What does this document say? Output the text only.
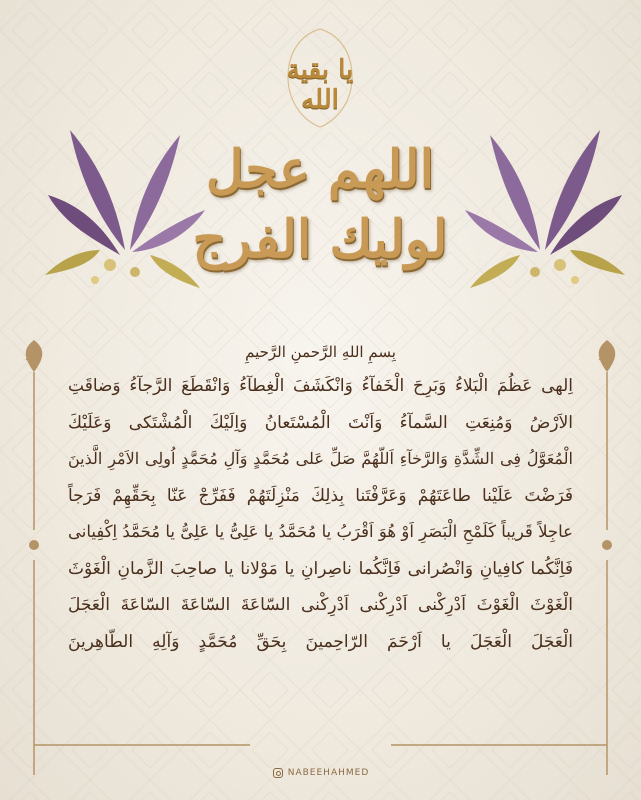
يا بقية الله
اللهم عجل
لوليك الفرج
بِسمِ اللهِ الرَّحمنِ الرَّحيمِ
اِلهى عَظُمَ الْبَلاءُ وَبَرِحَ الْخَفآءُ وَانْكَشَفَ الْغِطآءُ وَانْقَطَعَ الرَّجآءُ وَضاقَتِ
الاَرْضُ وَمُنِعَتِ السَّمآءُ وَاَنْتَ الْمُسْتَعانُ وَاِلَيْكَ الْمُشْتَكى وَعَلَيْكَ
الْمُعَوَّلُ فِى الشِّدَّةِ وَالرَّخآءِ اَللّهُمَّ صَلِّ عَلى مُحَمَّدٍ وَآلِ مُحَمَّدٍ اُولِى الاَمْرِ الَّذينَ
فَرَضْتَ عَلَيْنا طاعَتَهُمْ وَعَرَّفْتَنا بِذلِكَ مَنْزِلَتَهُمْ فَفَرِّجْ عَنّا بِحَقِّهِمْ فَرَجاً
عاجِلاً قَريباً كَلَمْحِ الْبَصَرِ اَوْ هُوَ اَقْرَبُ يا مُحَمَّدُ يا عَلِىُّ يا عَلِىُّ يا مُحَمَّدُ اِكْفِيانى
فَاِنَّكُما كافِيانِ وَانْصُرانى فَاِنَّكُما ناصِرانِ يا مَوْلانا يا صاحِبَ الزَّمانِ الْغَوْثَ
الْغَوْثَ الْغَوْثَ اَدْرِكْنى اَدْرِكْنى اَدْرِكْنى السّاعَةَ السّاعَةَ السّاعَةَ الْعَجَلَ
الْعَجَلَ الْعَجَلَ يا اَرْحَمَ الرّاحِمينَ بِحَقِّ مُحَمَّدٍ وَآلِهِ الطّاهِرينَ
NABEEHAHMED
